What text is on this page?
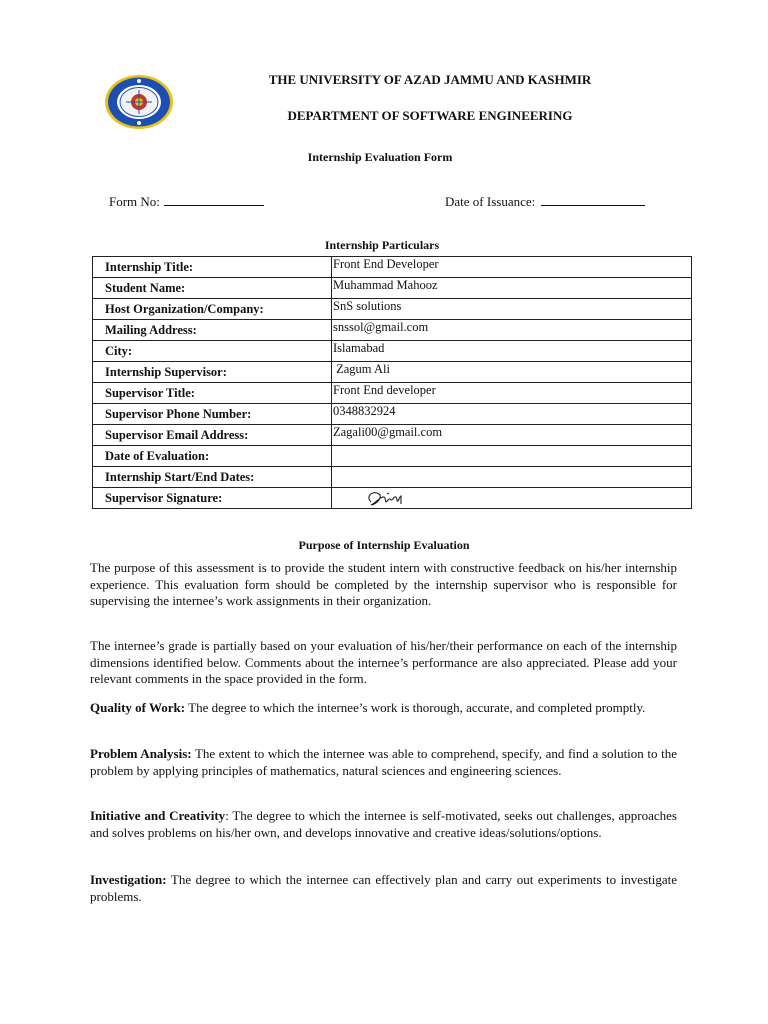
THE UNIVERSITY OF AZAD JAMMU AND KASHMIR
DEPARTMENT OF SOFTWARE ENGINEERING
Internship Evaluation Form
Form No:	Date of Issuance:
Internship Particulars
Internship Title:	Front End Developer
Student Name:	Muhammad Mahooz
Host Organization/Company:	SnS solutions
Mailing Address:	snssol@gmail.com
City:	Islamabad
Internship Supervisor:	Zagum Ali
Supervisor Title:	Front End developer
Supervisor Phone Number:	0348832924
Supervisor Email Address:	Zagali00@gmail.com
Date of Evaluation:	
Internship Start/End Dates:	
Supervisor Signature:	
Purpose of Internship Evaluation

The purpose of this assessment is to provide the student intern with constructive feedback on his/her internship experience. This evaluation form should be completed by the internship supervisor who is responsible for supervising the internee’s work assignments in their organization.

The internee’s grade is partially based on your evaluation of his/her/their performance on each of the internship dimensions identified below. Comments about the internee’s performance are also appreciated. Please add your relevant comments in the space provided in the form.

Quality of Work: The degree to which the internee’s work is thorough, accurate, and completed promptly.

Problem Analysis: The extent to which the internee was able to comprehend, specify, and find a solution to the problem by applying principles of mathematics, natural sciences and engineering sciences.

Initiative and Creativity: The degree to which the internee is self-motivated, seeks out challenges, approaches and solves problems on his/her own, and develops innovative and creative ideas/solutions/options.

Investigation: The degree to which the internee can effectively plan and carry out experiments to investigate problems.
